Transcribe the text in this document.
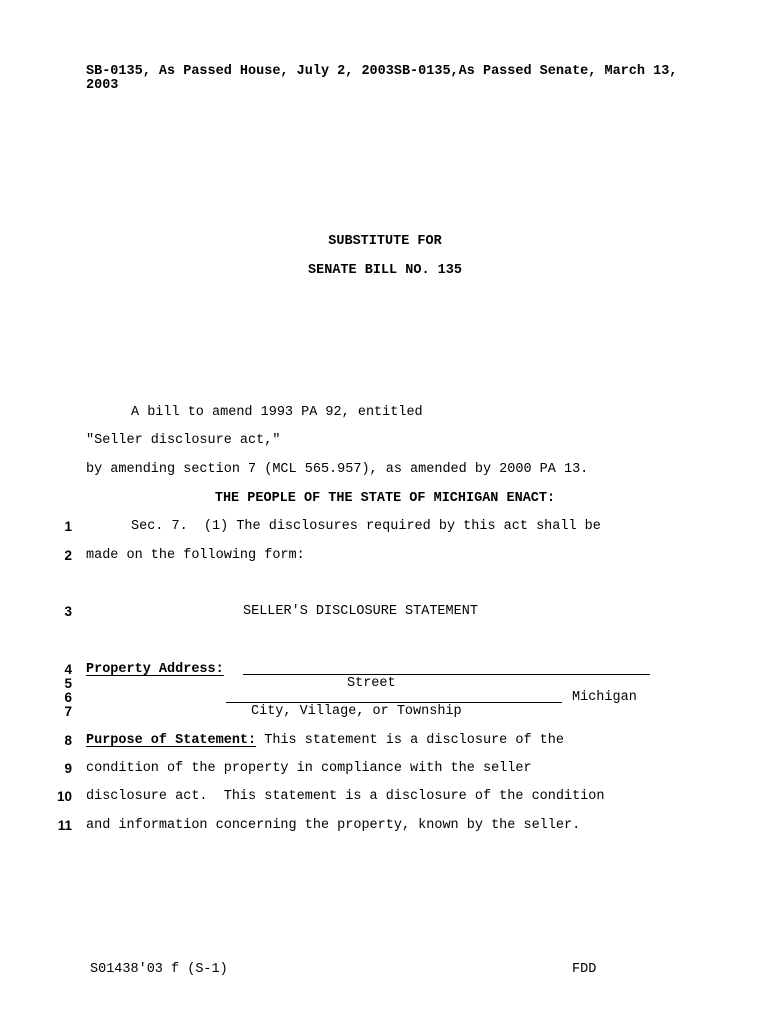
SB-0135, As Passed House, July 2, 2003SB-0135,As Passed Senate, March 13,
2003
SUBSTITUTE FOR
SENATE BILL NO. 135
A bill to amend 1993 PA 92, entitled
"Seller disclosure act,"
by amending section 7 (MCL 565.957), as amended by 2000 PA 13.
THE PEOPLE OF THE STATE OF MICHIGAN ENACT:
1
2
3
4
5
6
7
8
9
10
11
Sec. 7.  (1) The disclosures required by this act shall be
made on the following form:
SELLER'S DISCLOSURE STATEMENT
Property Address:
Street
Michigan
City, Village, or Township
Purpose of Statement: This statement is a disclosure of the
condition of the property in compliance with the seller
disclosure act.  This statement is a disclosure of the condition
and information concerning the property, known by the seller.
S01438'03 f (S-1)	FDD
